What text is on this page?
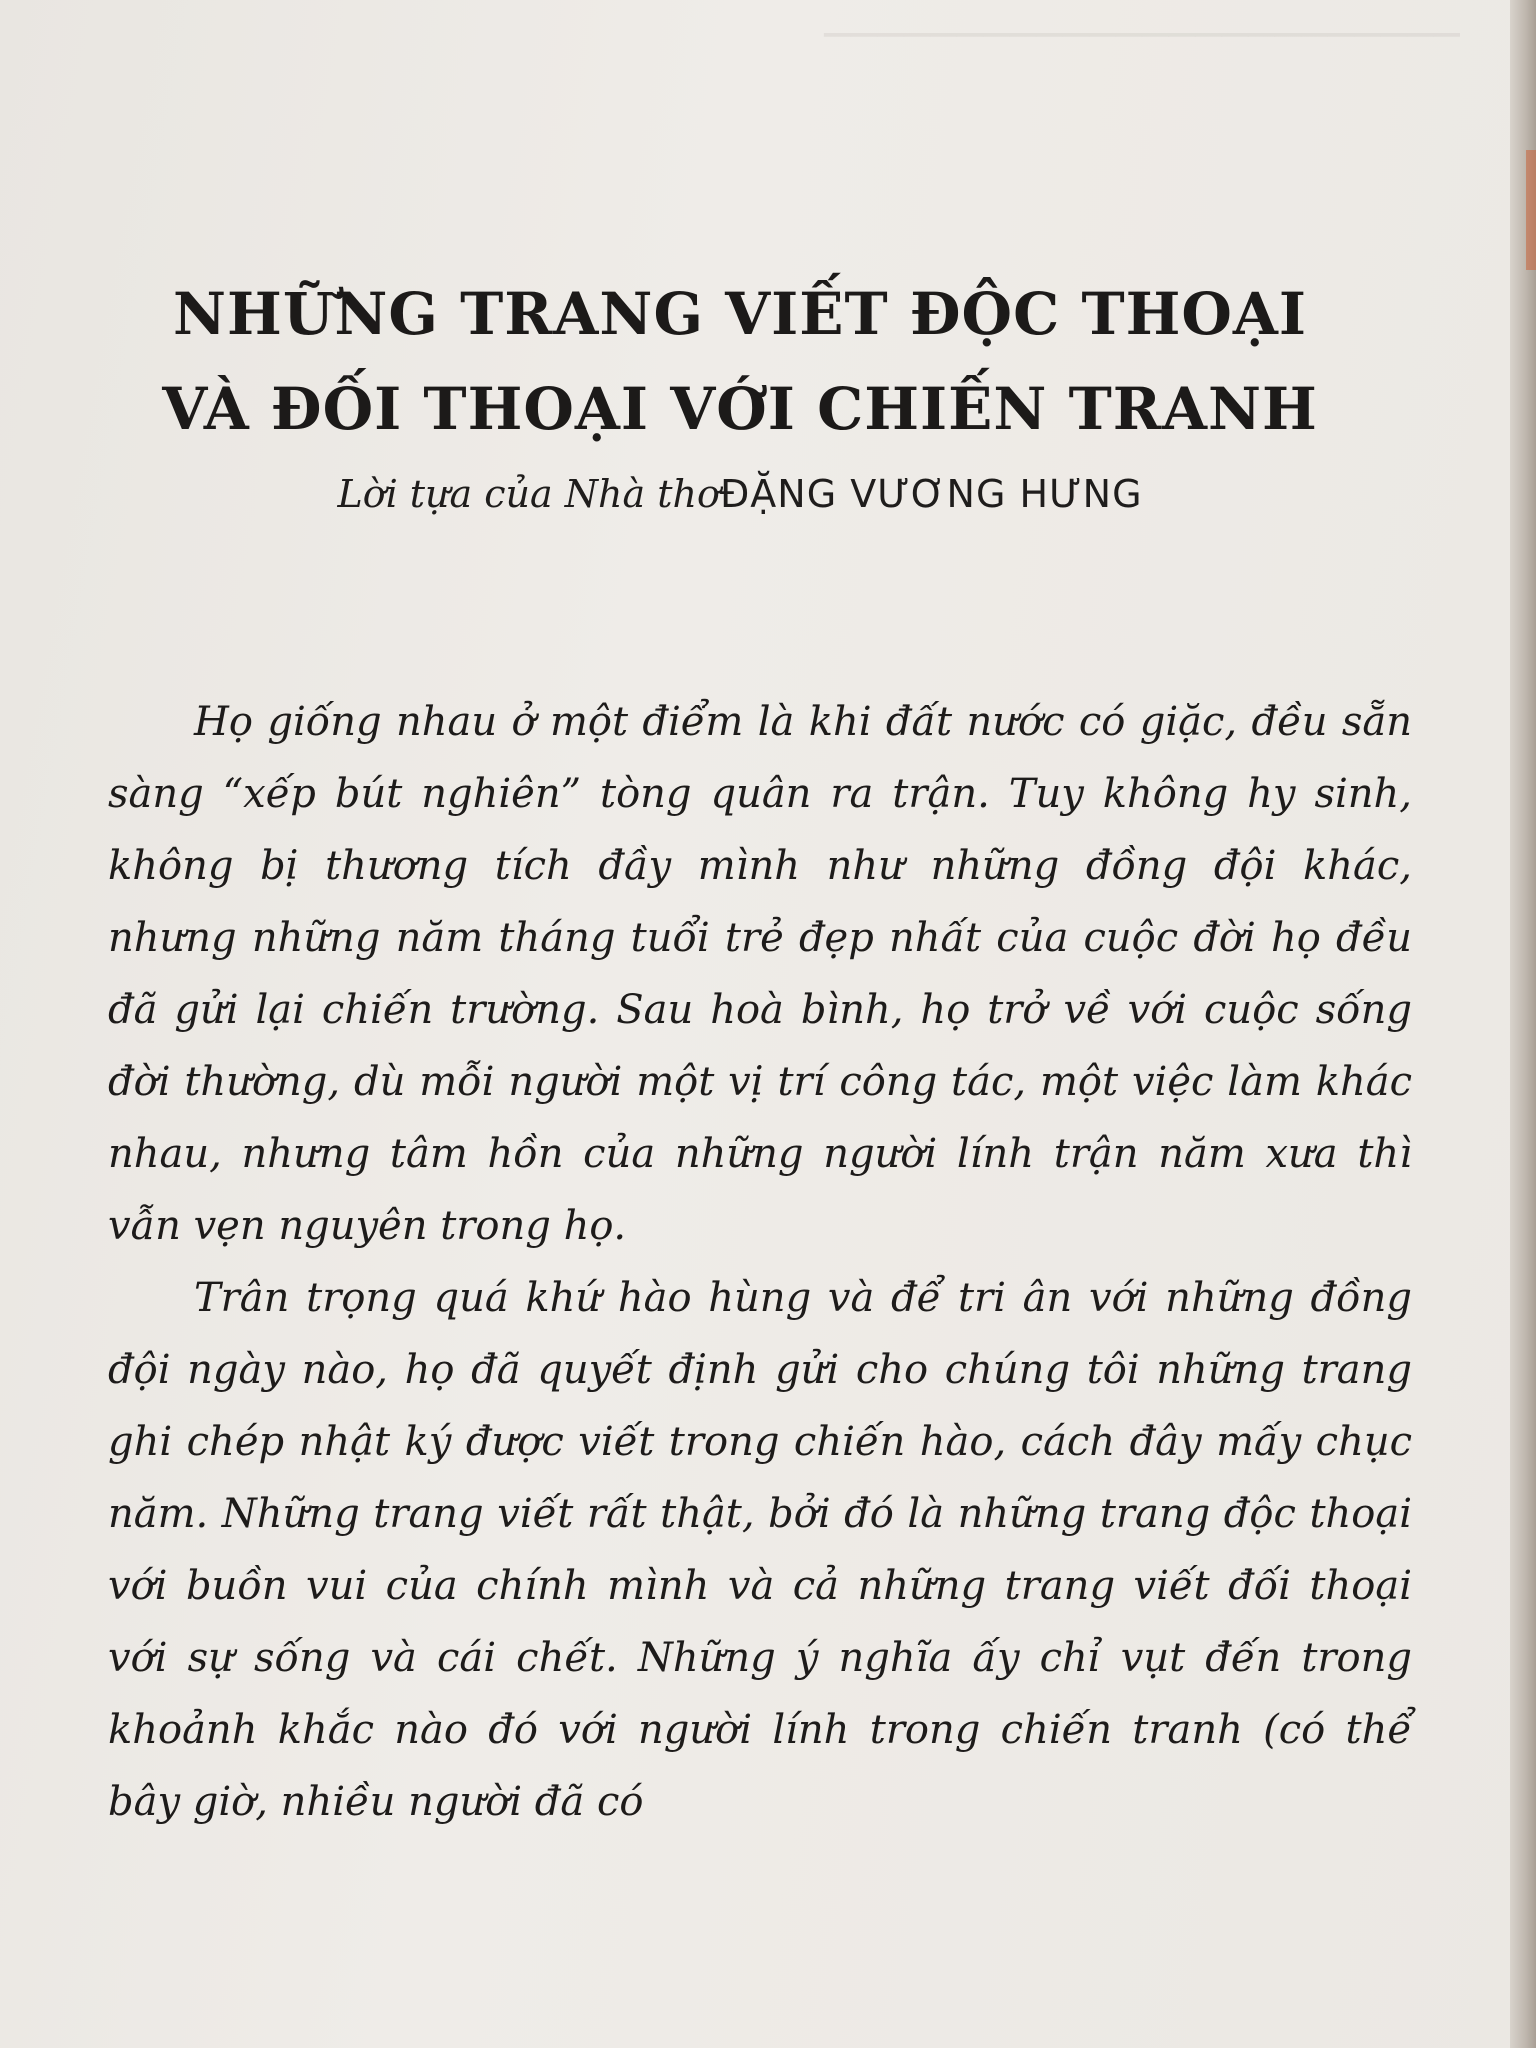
────────────────────────
NHỮNG TRANG VIẾT ĐỘC THOẠI
VÀ ĐỐI THOẠI VỚI CHIẾN TRANH
Lời tựa của Nhà thơĐẶNG VƯƠNG HƯNG

Họ giống nhau ở một điểm là khi đất nước có giặc, đều sẵn sàng “xếp bút nghiên” tòng quân ra trận. Tuy không hy sinh, không bị thương tích đầy mình như những đồng đội khác, nhưng những năm tháng tuổi trẻ đẹp nhất của cuộc đời họ đều đã gửi lại chiến trường. Sau hoà bình, họ trở về với cuộc sống đời thường, dù mỗi người một vị trí công tác, một việc làm khác nhau, nhưng tâm hồn của những người lính trận năm xưa thì vẫn vẹn nguyên trong họ.

Trân trọng quá khứ hào hùng và để tri ân với những đồng đội ngày nào, họ đã quyết định gửi cho chúng tôi những trang ghi chép nhật ký được viết trong chiến hào, cách đây mấy chục năm. Những trang viết rất thật, bởi đó là những trang độc thoại với buồn vui của chính mình và cả những trang viết đối thoại với sự sống và cái chết. Những ý nghĩa ấy chỉ vụt đến trong khoảnh khắc nào đó với người lính trong chiến tranh (có thể bây giờ, nhiều người đã có
